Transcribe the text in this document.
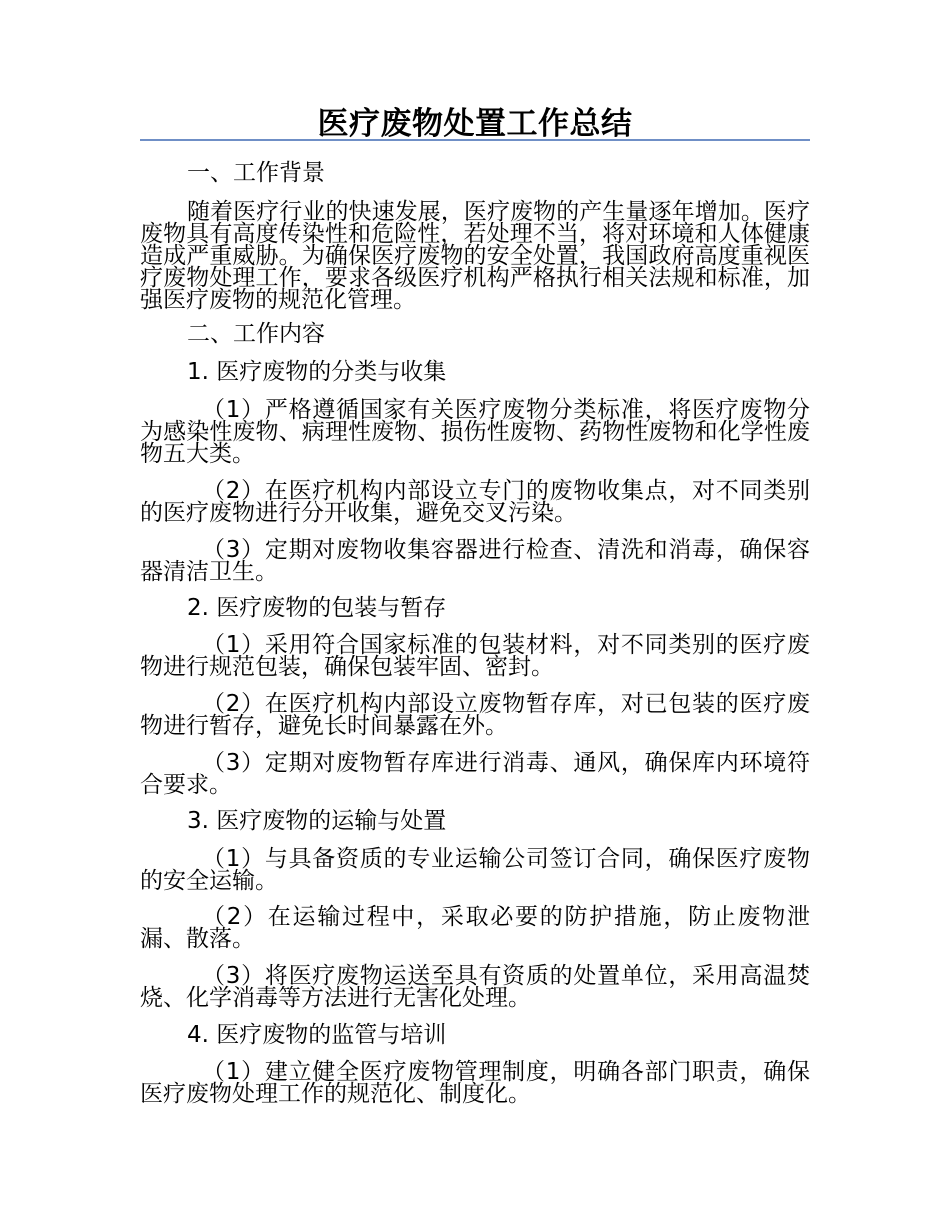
医疗废物处置工作总结
一、工作背景

随着医疗行业的快速发展，医疗废物的产生量逐年增加。医疗废物具有高度传染性和危险性，若处理不当，将对环境和人体健康造成严重威胁。为确保医疗废物的安全处置，我国政府高度重视医疗废物处理工作，要求各级医疗机构严格执行相关法规和标准，加强医疗废物的规范化管理。

二、工作内容
1. 医疗废物的分类与收集

（1）严格遵循国家有关医疗废物分类标准，将医疗废物分为感染性废物、病理性废物、损伤性废物、药物性废物和化学性废物五大类。

（2）在医疗机构内部设立专门的废物收集点，对不同类别的医疗废物进行分开收集，避免交叉污染。

（3）定期对废物收集容器进行检查、清洗和消毒，确保容器清洁卫生。

2. 医疗废物的包装与暂存

（1）采用符合国家标准的包装材料，对不同类别的医疗废物进行规范包装，确保包装牢固、密封。

（2）在医疗机构内部设立废物暂存库，对已包装的医疗废物进行暂存，避免长时间暴露在外。

（3）定期对废物暂存库进行消毒、通风，确保库内环境符合要求。

3. 医疗废物的运输与处置

（1）与具备资质的专业运输公司签订合同，确保医疗废物的安全运输。

（2）在运输过程中，采取必要的防护措施，防止废物泄漏、散落。

（3）将医疗废物运送至具有资质的处置单位，采用高温焚烧、化学消毒等方法进行无害化处理。

4. 医疗废物的监管与培训

（1）建立健全医疗废物管理制度，明确各部门职责，确保医疗废物处理工作的规范化、制度化。
